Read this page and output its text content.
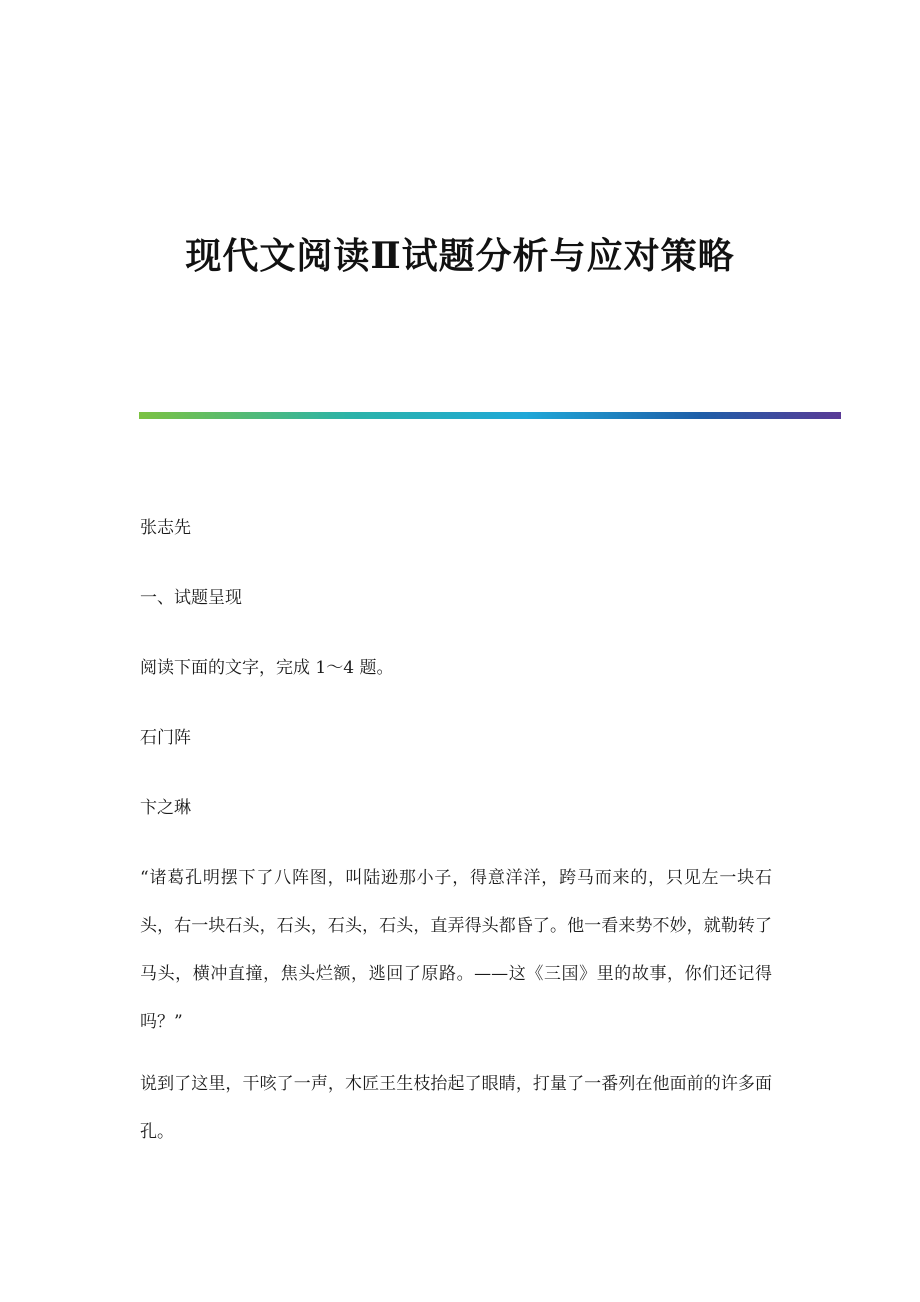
现代文阅读Ⅱ试题分析与应对策略

张志先

一、试题呈现

阅读下面的文字，完成 1～4 题。

石门阵

卞之琳

“诸葛孔明摆下了八阵图，叫陆逊那小子，得意洋洋，跨马而来的，只见左一块石头，右一块石头，石头，石头，石头，直弄得头都昏了。他一看来势不妙，就勒转了马头，横冲直撞，焦头烂额，逃回了原路。——这《三国》里的故事，你们还记得吗？”

说到了这里，干咳了一声，木匠王生枝抬起了眼睛，打量了一番列在他面前的许多面孔。
